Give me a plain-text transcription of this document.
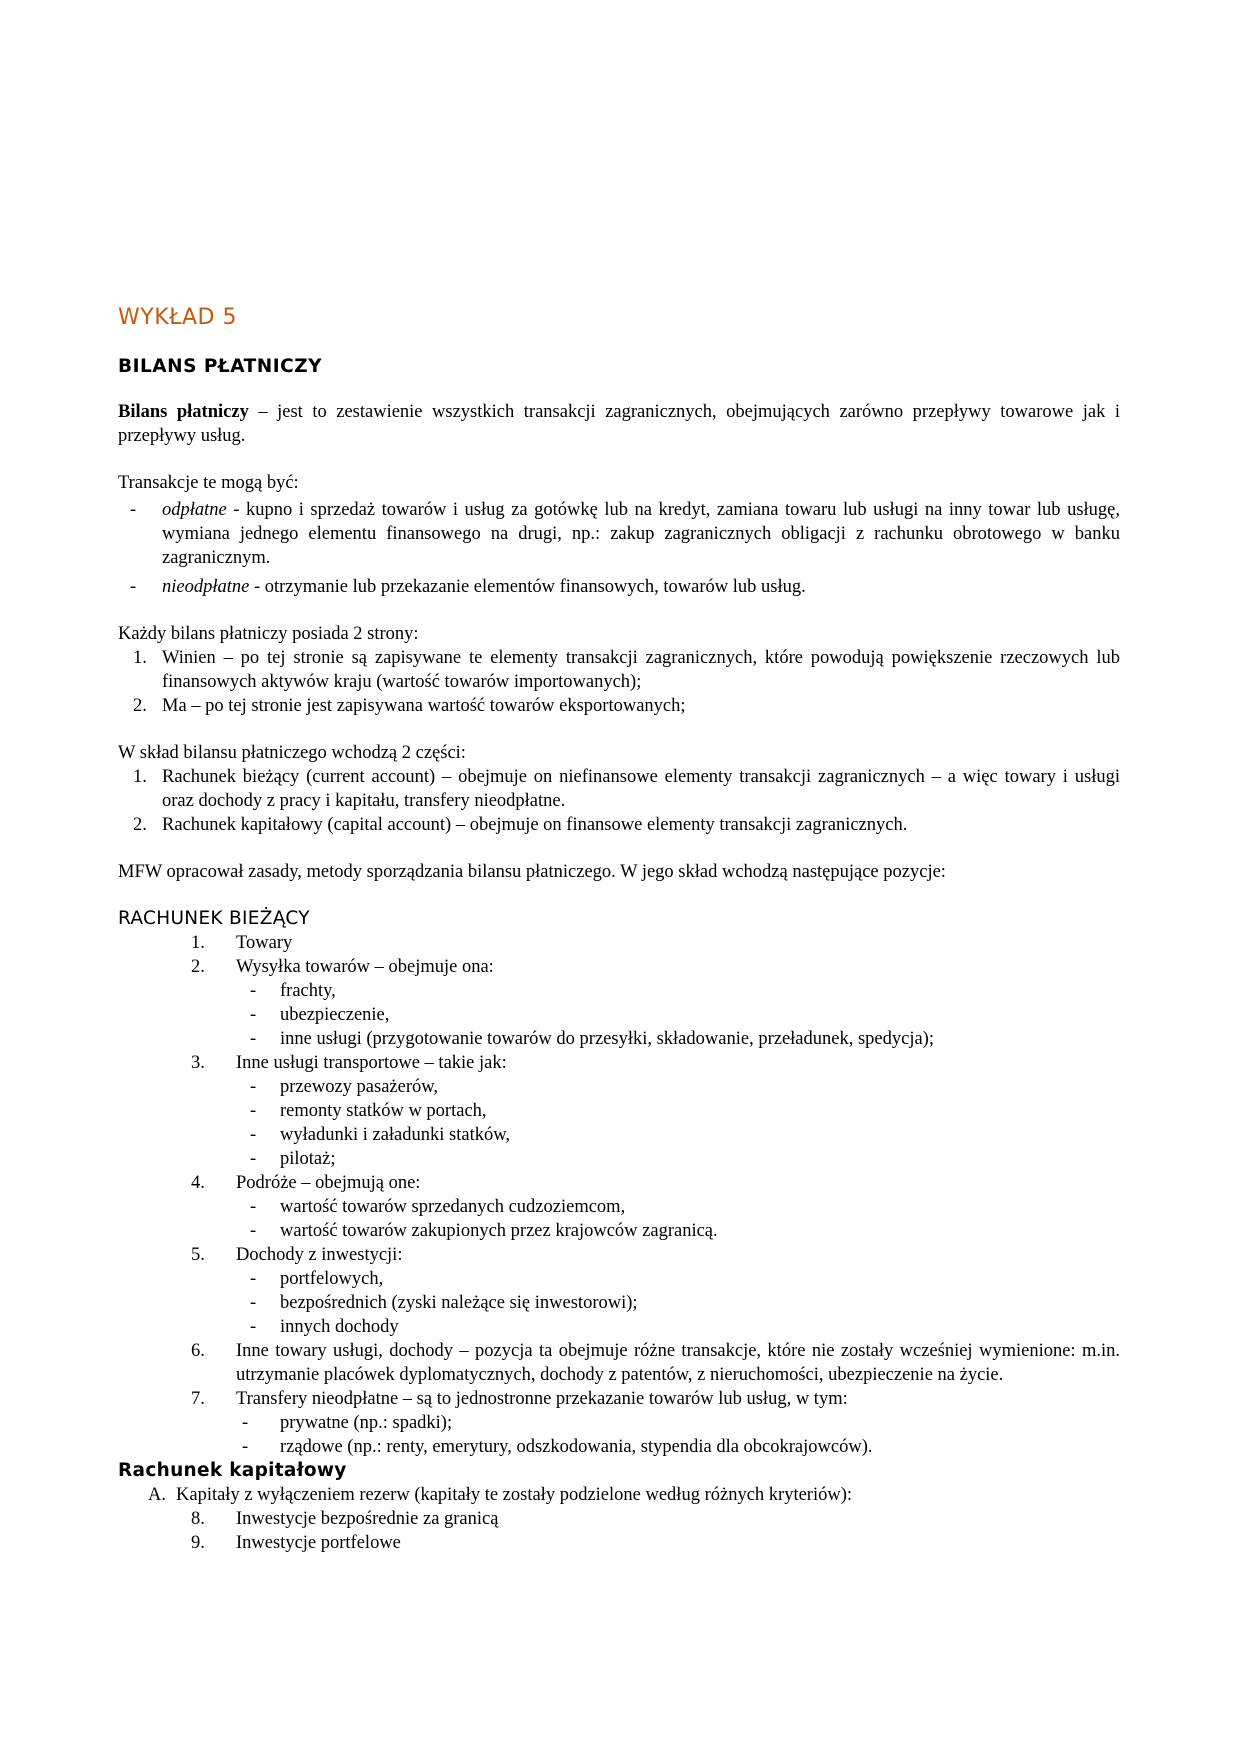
WYKŁAD 5
BILANS PŁATNICZY

Bilans płatniczy – jest to zestawienie wszystkich transakcji zagranicznych, obejmujących zarówno przepływy towarowe jak i przepływy usług.

Transakcje te mogą być:

- odpłatne - kupno i sprzedaż towarów i usług za gotówkę lub na kredyt, zamiana towaru lub usługi na inny towar lub usługę, wymiana jednego elementu finansowego na drugi, np.: zakup zagranicznych obligacji z rachunku obrotowego w banku zagranicznym.
- nieodpłatne - otrzymanie lub przekazanie elementów finansowych, towarów lub usług.

Każdy bilans płatniczy posiada 2 strony:

1. Winien – po tej stronie są zapisywane te elementy transakcji zagranicznych, które powodują powiększenie rzeczowych lub finansowych aktywów kraju (wartość towarów importowanych);
2. Ma – po tej stronie jest zapisywana wartość towarów eksportowanych;

W skład bilansu płatniczego wchodzą 2 części:

1. Rachunek bieżący (current account) – obejmuje on niefinansowe elementy transakcji zagranicznych – a więc towary i usługi oraz dochody z pracy i kapitału, transfery nieodpłatne.
2. Rachunek kapitałowy (capital account) – obejmuje on finansowe elementy transakcji zagranicznych.

MFW opracował zasady, metody sporządzania bilansu płatniczego. W jego skład wchodzą następujące pozycje:

RACHUNEK BIEŻĄCY
1. Towary
2. Wysyłka towarów – obejmuje ona:
- frachty,
- ubezpieczenie,
- inne usługi (przygotowanie towarów do przesyłki, składowanie, przeładunek, spedycja);
3. Inne usługi transportowe – takie jak:
- przewozy pasażerów,
- remonty statków w portach,
- wyładunki i załadunki statków,
- pilotaż;
4. Podróże – obejmują one:
- wartość towarów sprzedanych cudzoziemcom,
- wartość towarów zakupionych przez krajowców zagranicą.
5. Dochody z inwestycji:
- portfelowych,
- bezpośrednich (zyski należące się inwestorowi);
- innych dochody
6. Inne towary usługi, dochody – pozycja ta obejmuje różne transakcje, które nie zostały wcześniej wymienione: m.in. utrzymanie placówek dyplomatycznych, dochody z patentów, z nieruchomości, ubezpieczenie na życie.
7. Transfery nieodpłatne – są to jednostronne przekazanie towarów lub usług, w tym:
- prywatne (np.: spadki);
- rządowe (np.: renty, emerytury, odszkodowania, stypendia dla obcokrajowców).
Rachunek kapitałowy
A. Kapitały z wyłączeniem rezerw (kapitały te zostały podzielone według różnych kryteriów):
8. Inwestycje bezpośrednie za granicą
9. Inwestycje portfelowe
